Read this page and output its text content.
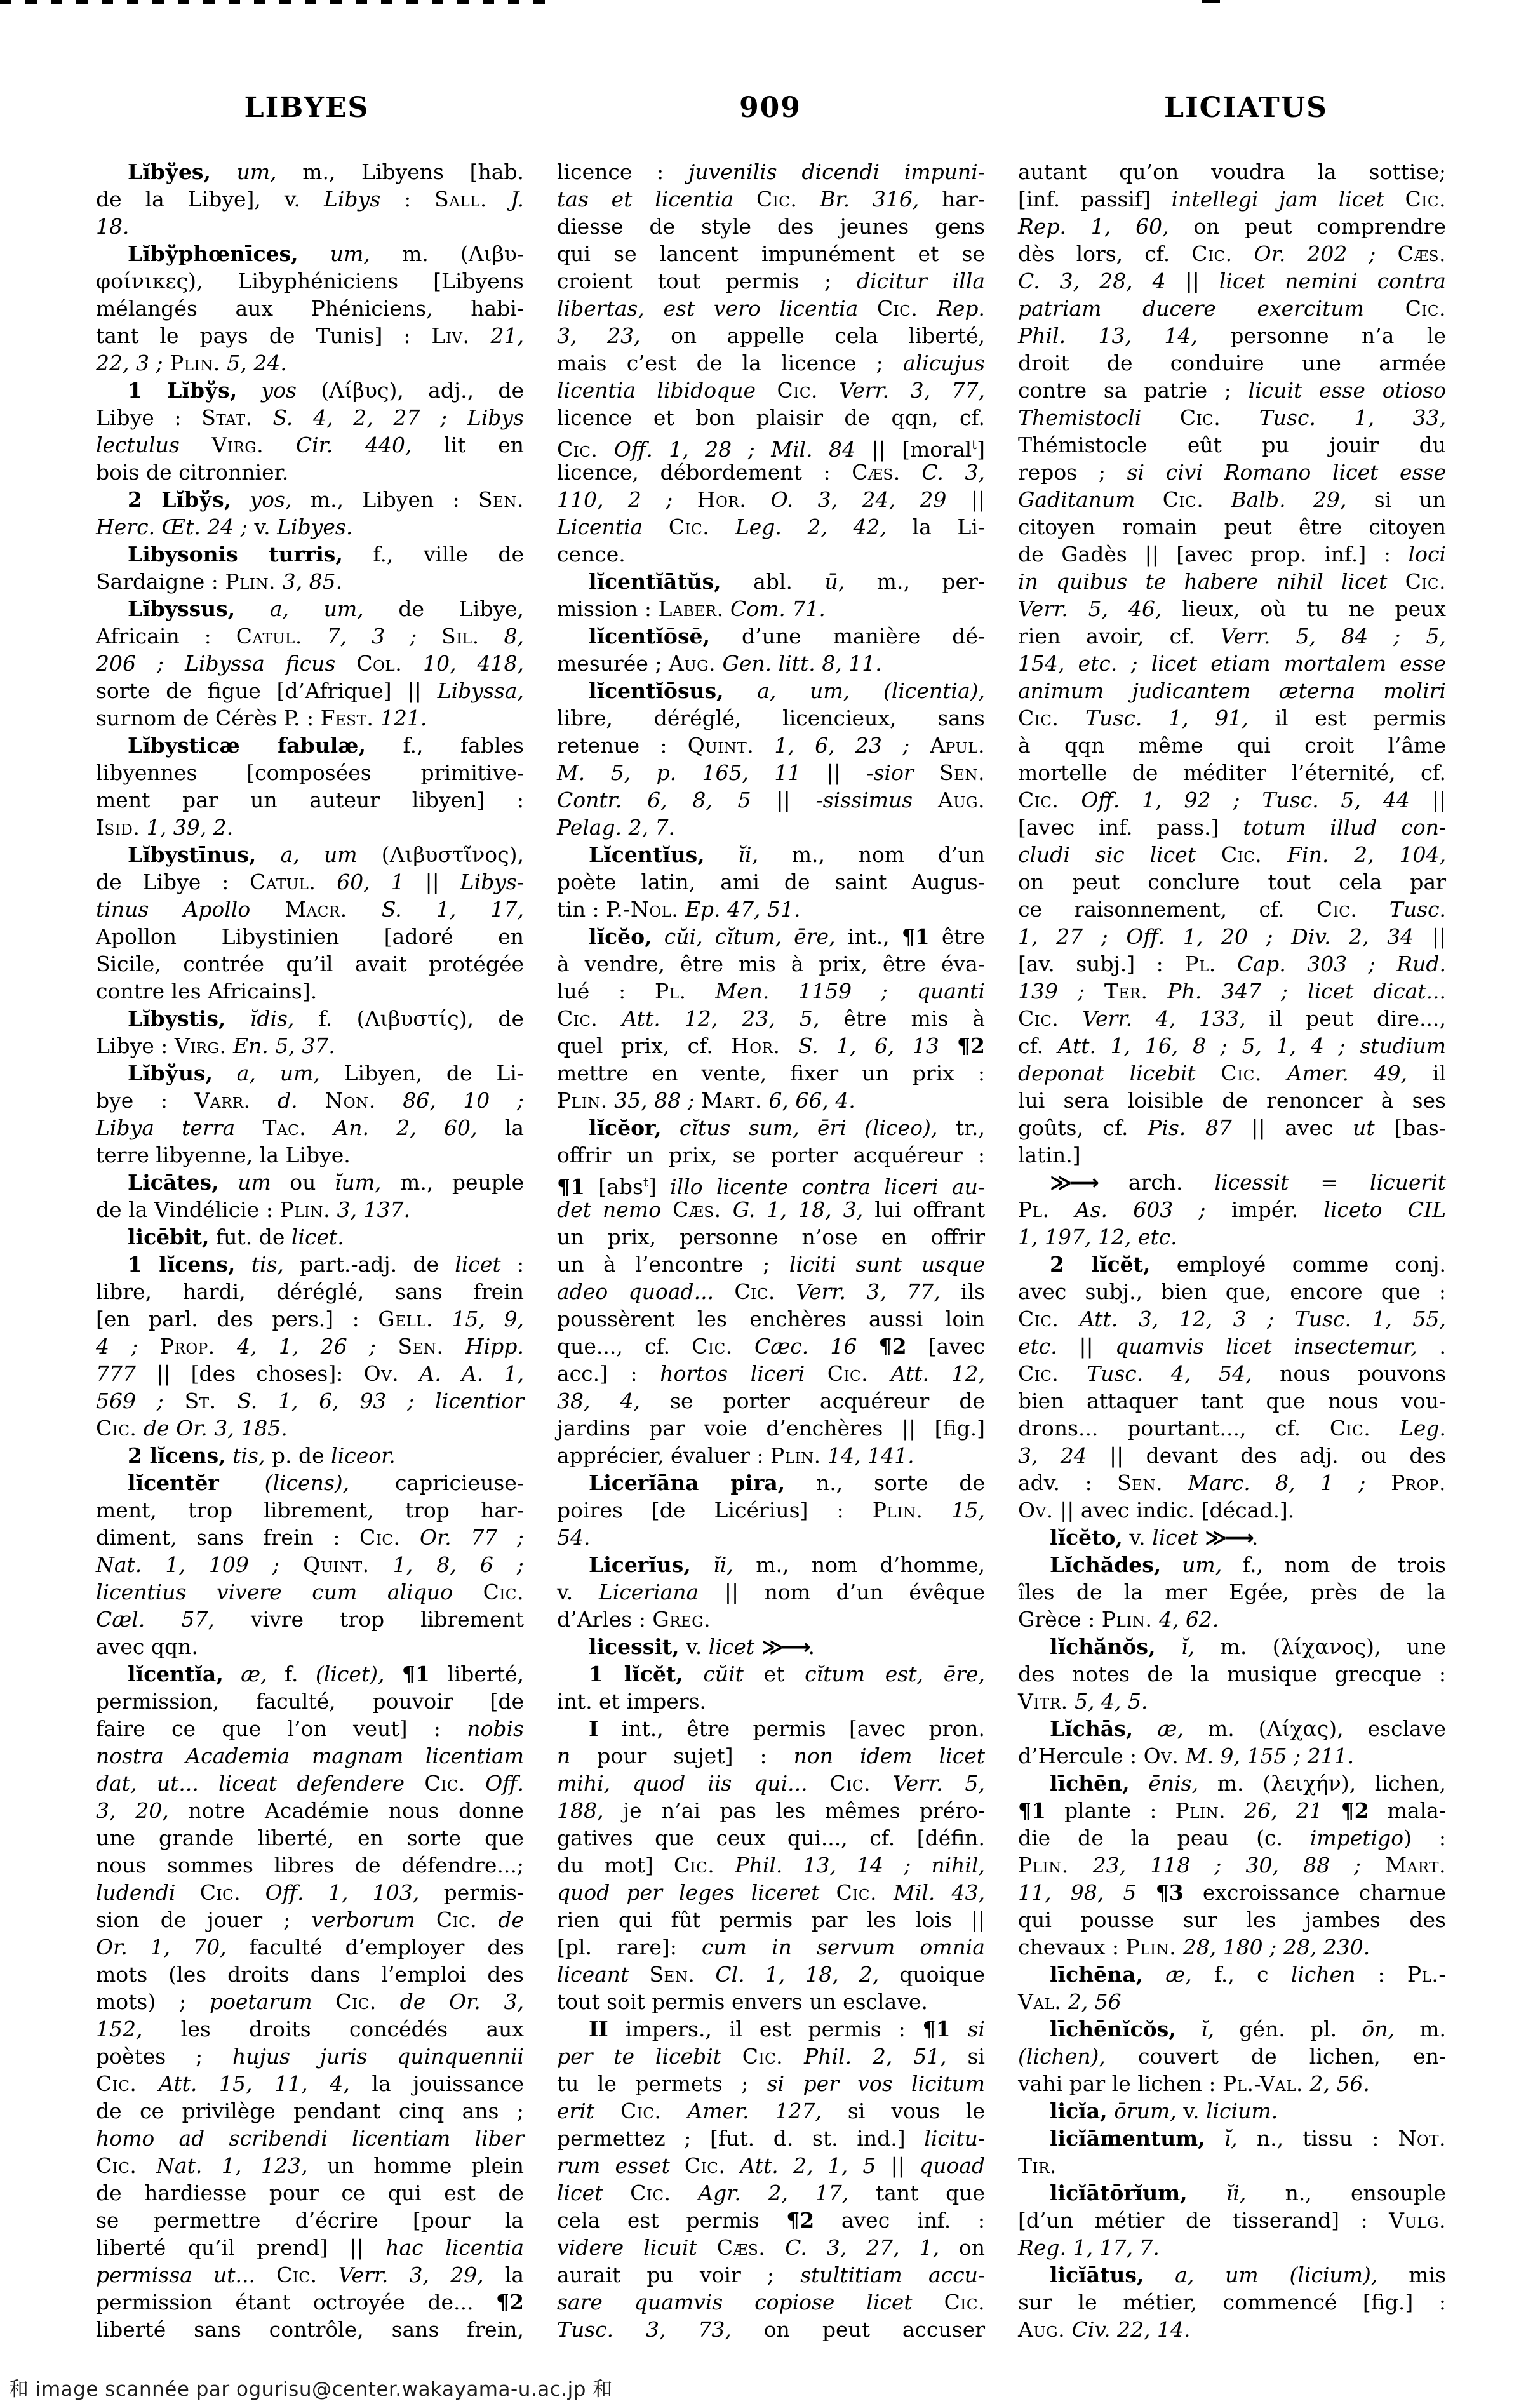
LIBYES	909	LICIATUS
Lĭbўes, um, m., Libyens [hab.
de la Libye], v. Libys : Sall. J.
18.
Lĭbўphœnīces, um, m. (Λιβυ-
φοίνικες), Libyphéniciens [Libyens
mélangés aux Phéniciens, habi-
tant le pays de Tunis] : Liv. 21,
22, 3 ; Plin. 5, 24.
1 Lĭbўs, yos (Λίβυς), adj., de
Libye : Stat. S. 4, 2, 27 ; Libys
lectulus Virg. Cir. 440, lit en
bois de citronnier.
2 Lĭbўs, yos, m., Libyen : Sen.
Herc. Œt. 24 ; v. Libyes.
Libysonis turris, f., ville de
Sardaigne : Plin. 3, 85.
Lĭbyssus, a, um, de Libye,
Africain : Catul. 7, 3 ; Sil. 8,
206 ; Libyssa ficus Col. 10, 418,
sorte de figue [d’Afrique] || Libyssa,
surnom de Cérès P. : Fest. 121.
Lĭbysticæ fabulæ, f., fables
libyennes [composées primitive-
ment par un auteur libyen] :
Isid. 1, 39, 2.
Lĭbystīnus, a, um (Λιβυστῖνος),
de Libye : Catul. 60, 1 || Libys-
tinus Apollo Macr. S. 1, 17,
Apollon Libystinien [adoré en
Sicile, contrée qu’il avait protégée
contre les Africains].
Lĭbystis, ĭdis, f. (Λιβυστίς), de
Libye : Virg. En. 5, 37.
Lĭbўus, a, um, Libyen, de Li-
bye : Varr. d. Non. 86, 10 ;
Libya terra Tac. An. 2, 60, la
terre libyenne, la Libye.
Licātes, um ou ĭum, m., peuple
de la Vindélicie : Plin. 3, 137.
licēbit, fut. de licet.
1 lĭcens, tis, part.-adj. de licet :
libre, hardi, déréglé, sans frein
[en parl. des pers.] : Gell. 15, 9,
4 ; Prop. 4, 1, 26 ; Sen. Hipp.
777 || [des choses]: Ov. A. A. 1,
569 ; St. S. 1, 6, 93 ; licentior
Cic. de Or. 3, 185.
2 lĭcens, tis, p. de liceor.
lĭcentĕr (licens), capricieuse-
ment, trop librement, trop har-
diment, sans frein : Cic. Or. 77 ;
Nat. 1, 109 ; Quint. 1, 8, 6 ;
licentius vivere cum aliquo Cic.
Cæl. 57, vivre trop librement
avec qqn.
lĭcentĭa, æ, f. (licet), ¶1 liberté,
permission, faculté, pouvoir [de
faire ce que l’on veut] : nobis
nostra Academia magnam licentiam
dat, ut... liceat defendere Cic. Off.
3, 20, notre Académie nous donne
une grande liberté, en sorte que
nous sommes libres de défendre...;
ludendi Cic. Off. 1, 103, permis-
sion de jouer ; verborum Cic. de
Or. 1, 70, faculté d’employer des
mots (les droits dans l’emploi des
mots) ; poetarum Cic. de Or. 3,
152, les droits concédés aux
poètes ; hujus juris quinquennii
Cic. Att. 15, 11, 4, la jouissance
de ce privilège pendant cinq ans ;
homo ad scribendi licentiam liber
Cic. Nat. 1, 123, un homme plein
de hardiesse pour ce qui est de
se permettre d’écrire [pour la
liberté qu’il prend] || hac licentia
permissa ut... Cic. Verr. 3, 29, la
permission étant octroyée de... ¶2
liberté sans contrôle, sans frein,
licence : juvenilis dicendi impuni-
tas et licentia Cic. Br. 316, har-
diesse de style des jeunes gens
qui se lancent impunément et se
croient tout permis ; dicitur illa
libertas, est vero licentia Cic. Rep.
3, 23, on appelle cela liberté,
mais c’est de la licence ; alicujus
licentia libidoque Cic. Verr. 3, 77,
licence et bon plaisir de qqn, cf.
Cic. Off. 1, 28 ; Mil. 84 || [moral$^t$]
licence, débordement : Cæs. C. 3,
110, 2 ; Hor. O. 3, 24, 29 ||
Licentia Cic. Leg. 2, 42, la Li-
cence.
lĭcentĭātŭs, abl. ū, m., per-
mission : Laber. Com. 71.
lĭcentĭōsē, d’une manière dé-
mesurée ; Aug. Gen. litt. 8, 11.
lĭcentĭōsus, a, um, (licentia),
libre, déréglé, licencieux, sans
retenue : Quint. 1, 6, 23 ; Apul.
M. 5, p. 165, 11 || -sior Sen.
Contr. 6, 8, 5 || -sissimus Aug.
Pelag. 2, 7.
Lĭcentĭus, ĭi, m., nom d’un
poète latin, ami de saint Augus-
tin : P.-Nol. Ep. 47, 51.
lĭcĕo, cŭi, cĭtum, ēre, int., ¶1 être
à vendre, être mis à prix, être éva-
lué : Pl. Men. 1159 ; quanti
Cic. Att. 12, 23, 5, être mis à
quel prix, cf. Hor. S. 1, 6, 13 ¶2
mettre en vente, fixer un prix :
Plin. 35, 88 ; Mart. 6, 66, 4.
lĭcĕor, cĭtus sum, ēri (liceo), tr.,
offrir un prix, se porter acquéreur :
¶1 [abs$^t$] illo licente contra liceri au-
det nemo Cæs. G. 1, 18, 3, lui offrant
un prix, personne n’ose en offrir
un à l’encontre ; liciti sunt usque
adeo quoad... Cic. Verr. 3, 77, ils
poussèrent les enchères aussi loin
que..., cf. Cic. Cæc. 16 ¶2 [avec
acc.] : hortos liceri Cic. Att. 12,
38, 4, se porter acquéreur de
jardins par voie d’enchères || [fig.]
apprécier, évaluer : Plin. 14, 141.
Licerĭāna pira, n., sorte de
poires [de Licérius] : Plin. 15,
54.
Licerĭus, ĭi, m., nom d’homme,
v. Liceriana || nom d’un évêque
d’Arles : Greg.
licessit, v. licet ≫⟶.
1 lĭcĕt, cŭit et cĭtum est, ēre,
int. et impers.
I int., être permis [avec pron.
n pour sujet] : non idem licet
mihi, quod iis qui... Cic. Verr. 5,
188, je n’ai pas les mêmes préro-
gatives que ceux qui..., cf. [défin.
du mot] Cic. Phil. 13, 14 ; nihil,
quod per leges liceret Cic. Mil. 43,
rien qui fût permis par les lois ||
[pl. rare]: cum in servum omnia
liceant Sen. Cl. 1, 18, 2, quoique
tout soit permis envers un esclave.
II impers., il est permis : ¶1 si
per te licebit Cic. Phil. 2, 51, si
tu le permets ; si per vos licitum
erit Cic. Amer. 127, si vous le
permettez ; [fut. d. st. ind.] licitu-
rum esset Cic. Att. 2, 1, 5 || quoad
licet Cic. Agr. 2, 17, tant que
cela est permis ¶2 avec inf. :
videre licuit Cæs. C. 3, 27, 1, on
aurait pu voir ; stultitiam accu-
sare quamvis copiose licet Cic.
Tusc. 3, 73, on peut accuser
autant qu’on voudra la sottise;
[inf. passif] intellegi jam licet Cic.
Rep. 1, 60, on peut comprendre
dès lors, cf. Cic. Or. 202 ; Cæs.
C. 3, 28, 4 || licet nemini contra
patriam ducere exercitum Cic.
Phil. 13, 14, personne n’a le
droit de conduire une armée
contre sa patrie ; licuit esse otioso
Themistocli Cic. Tusc. 1, 33,
Thémistocle eût pu jouir du
repos ; si civi Romano licet esse
Gaditanum Cic. Balb. 29, si un
citoyen romain peut être citoyen
de Gadès || [avec prop. inf.] : loci
in quibus te habere nihil licet Cic.
Verr. 5, 46, lieux, où tu ne peux
rien avoir, cf. Verr. 5, 84 ; 5,
154, etc. ; licet etiam mortalem esse
animum judicantem æterna moliri
Cic. Tusc. 1, 91, il est permis
à qqn même qui croit l’âme
mortelle de méditer l’éternité, cf.
Cic. Off. 1, 92 ; Tusc. 5, 44 ||
[avec inf. pass.] totum illud con-
cludi sic licet Cic. Fin. 2, 104,
on peut conclure tout cela par
ce raisonnement, cf. Cic. Tusc.
1, 27 ; Off. 1, 20 ; Div. 2, 34 ||
[av. subj.] : Pl. Cap. 303 ; Rud.
139 ; Ter. Ph. 347 ; licet dicat...
Cic. Verr. 4, 133, il peut dire...,
cf. Att. 1, 16, 8 ; 5, 1, 4 ; studium
deponat licebit Cic. Amer. 49, il
lui sera loisible de renoncer à ses
goûts, cf. Pis. 87 || avec ut [bas-
latin.]
≫⟶ arch. licessit = licuerit
Pl. As. 603 ; impér. liceto CIL
1, 197, 12, etc.
2 lĭcĕt, employé comme conj.
avec subj., bien que, encore que :
Cic. Att. 3, 12, 3 ; Tusc. 1, 55,
etc. || quamvis licet insectemur, .
Cic. Tusc. 4, 54, nous pouvons
bien attaquer tant que nous vou-
drons... pourtant..., cf. Cic. Leg.
3, 24 || devant des adj. ou des
adv. : Sen. Marc. 8, 1 ; Prop.
Ov. || avec indic. [décad.].
lĭcĕto, v. licet ≫⟶.
Lĭchădes, um, f., nom de trois
îles de la mer Egée, près de la
Grèce : Plin. 4, 62.
lĭchănŏs, ĭ, m. (λίχανος), une
des notes de la musique grecque :
Vitr. 5, 4, 5.
Lĭchās, æ, m. (Λίχας), esclave
d’Hercule : Ov. M. 9, 155 ; 211.
līchēn, ēnis, m. (λειχήν), lichen,
¶1 plante : Plin. 26, 21 ¶2 mala-
die de la peau (c. impetigo) :
Plin. 23, 118 ; 30, 88 ; Mart.
11, 98, 5 ¶3 excroissance charnue
qui pousse sur les jambes des
chevaux : Plin. 28, 180 ; 28, 230.
līchēna, æ, f., c lichen : Pl.-
Val. 2, 56
līchēnĭcŏs, ĭ, gén. pl. ōn, m.
(lichen), couvert de lichen, en-
vahi par le lichen : Pl.-Val. 2, 56.
licĭa, ōrum, v. licium.
licĭāmentum, ĭ, n., tissu : Not.
Tir.
licĭātōrĭum, ĭi, n., ensouple
[d’un métier de tisserand] : Vulg.
Reg. 1, 17, 7.
licĭātus, a, um (licium), mis
sur le métier, commencé [fig.] :
Aug. Civ. 22, 14.
和 image scannée par ogurisu@center.wakayama-u.ac.jp 和
